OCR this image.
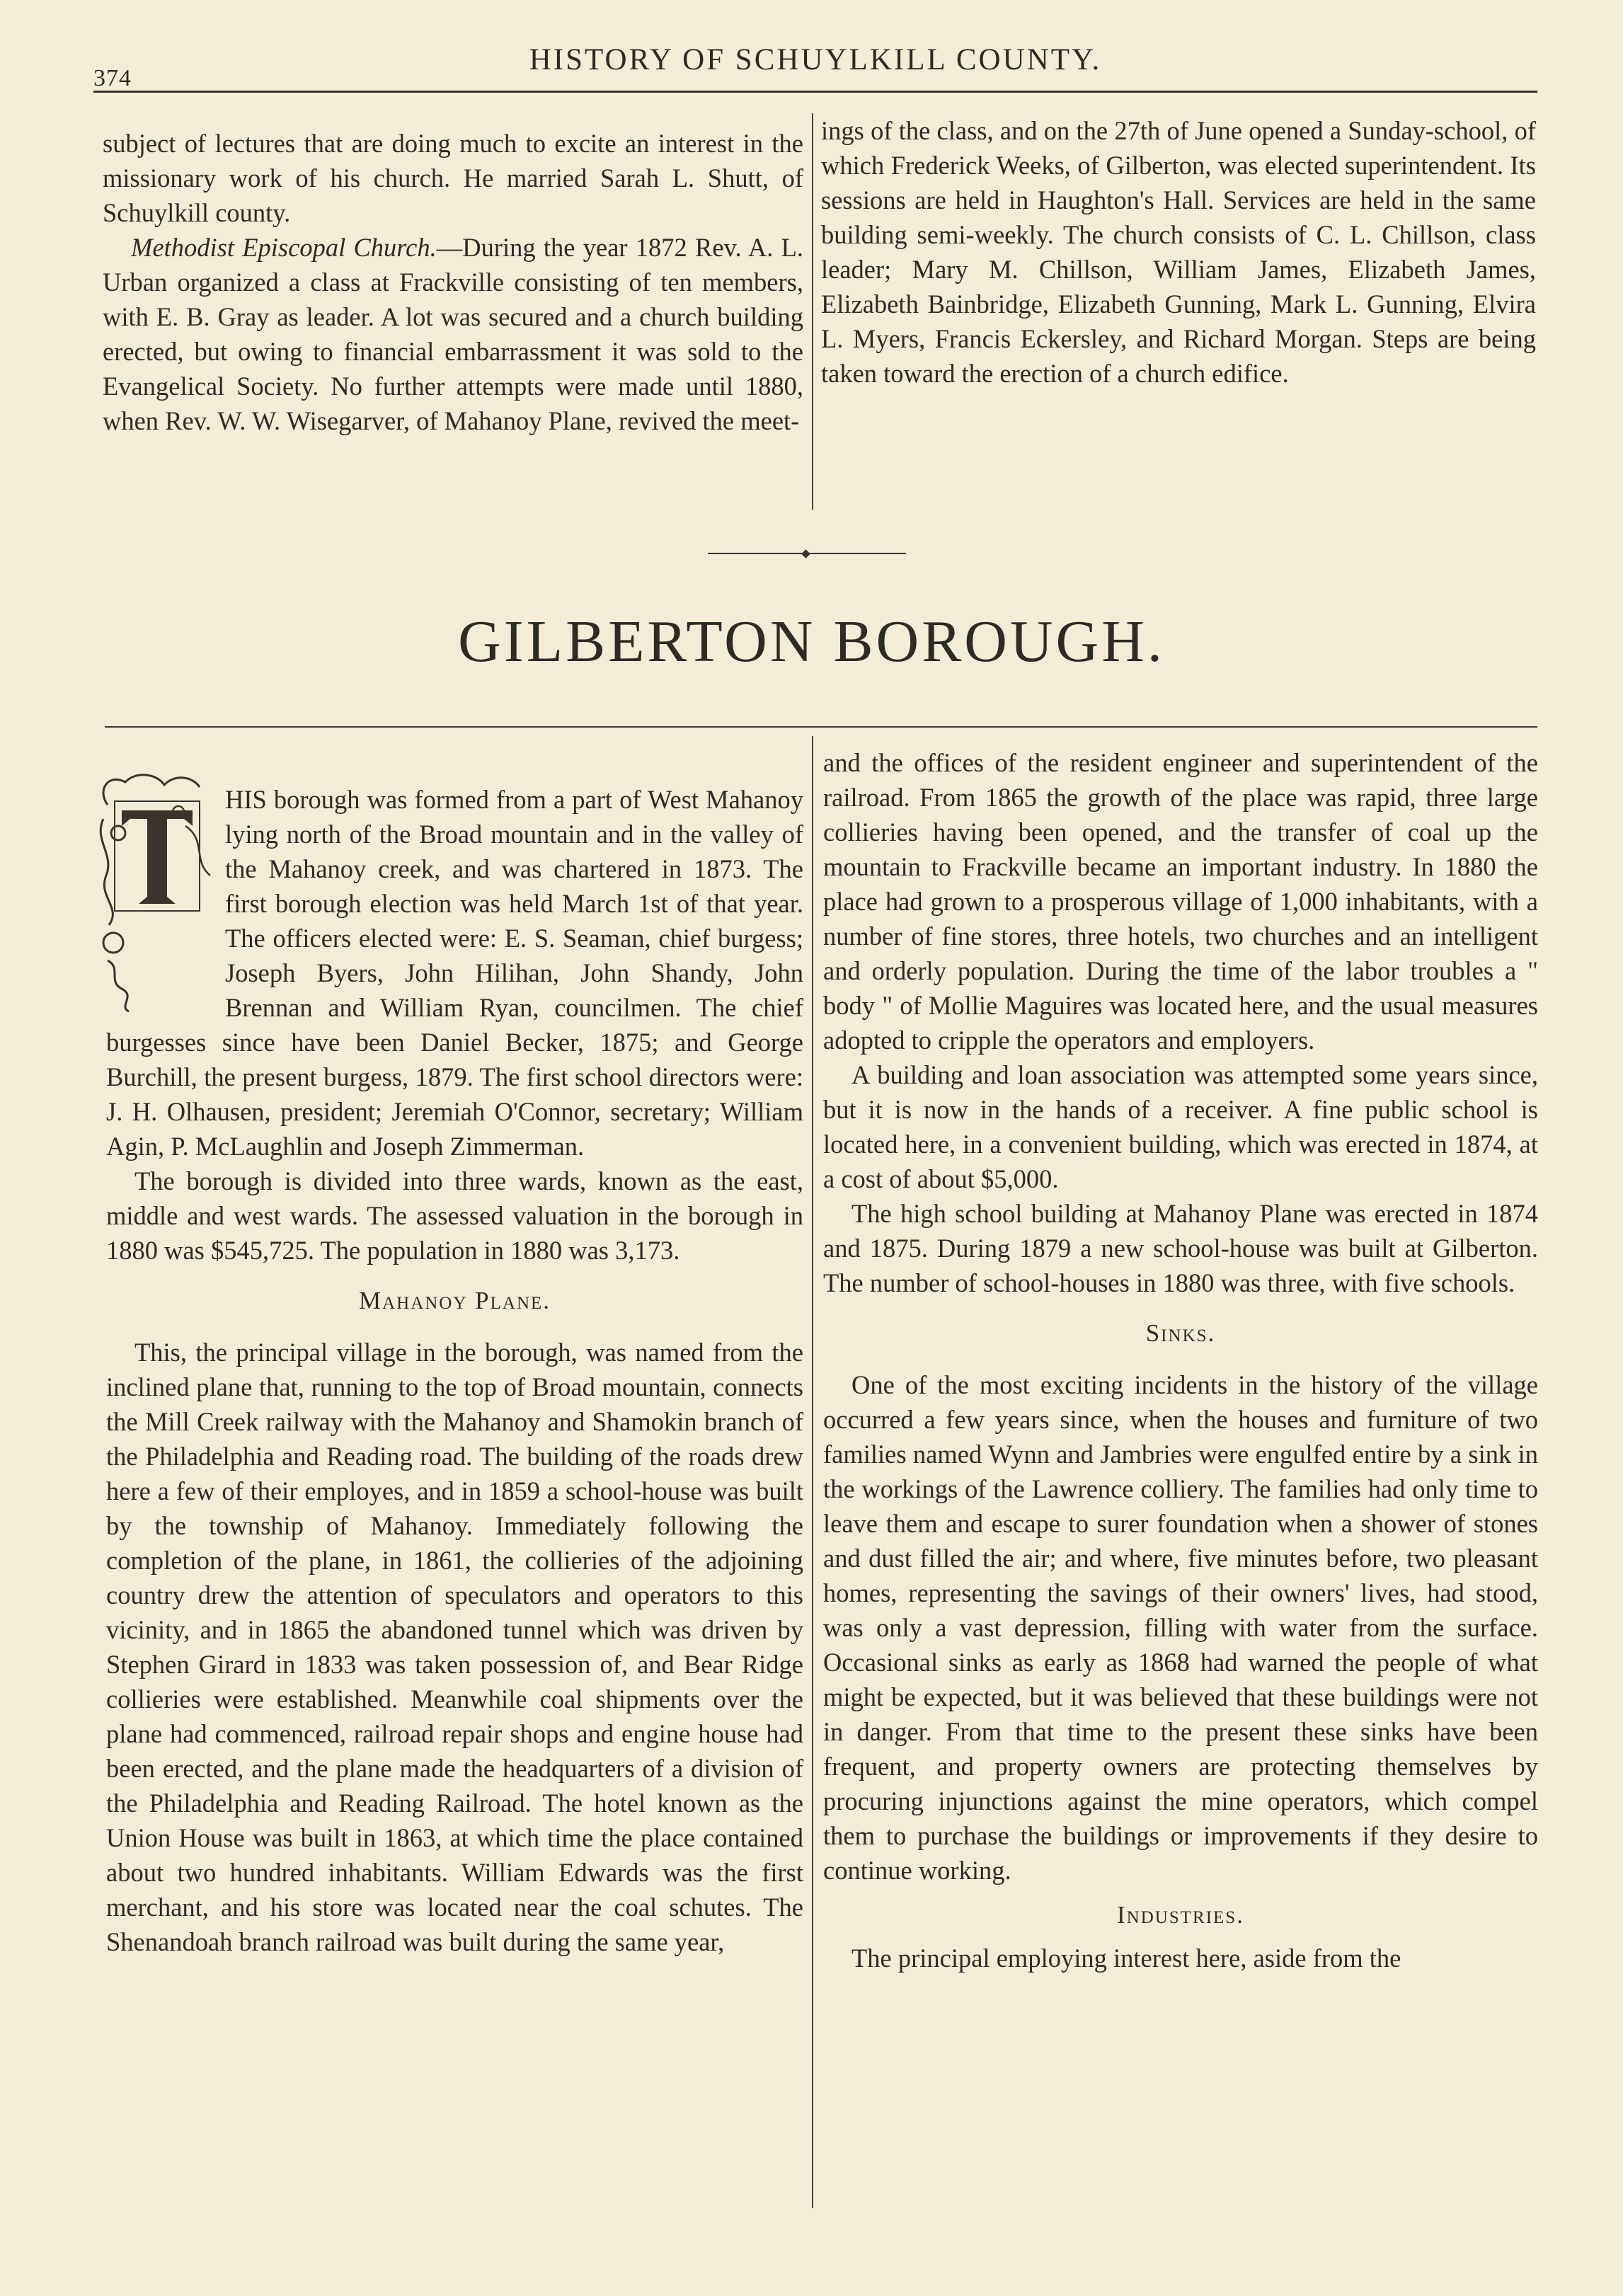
374
HISTORY OF SCHUYLKILL COUNTY.

subject of lectures that are doing much to excite an interest in the missionary work of his church. He married Sarah L. Shutt, of Schuylkill county.

Methodist Episcopal Church.—During the year 1872 Rev. A. L. Urban organized a class at Frackville consisting of ten members, with E. B. Gray as leader. A lot was secured and a church building erected, but owing to financial embarrassment it was sold to the Evangelical Society. No further attempts were made until 1880, when Rev. W. W. Wisegarver, of Mahanoy Plane, revived the meet-

ings of the class, and on the 27th of June opened a Sunday-school, of which Frederick Weeks, of Gilberton, was elected superintendent. Its sessions are held in Haughton's Hall. Services are held in the same building semi-weekly. The church consists of C. L. Chillson, class leader; Mary M. Chillson, William James, Elizabeth James, Elizabeth Bainbridge, Elizabeth Gunning, Mark L. Gunning, Elvira L. Myers, Francis Eckersley, and Richard Morgan. Steps are being taken toward the erection of a church edifice.

GILBERTON BOROUGH.

HIS borough was formed from a part of West Mahanoy lying north of the Broad mountain and in the valley of the Mahanoy creek, and was chartered in 1873. The first borough election was held March 1st of that year. The officers elected were: E. S. Seaman, chief burgess; Joseph Byers, John Hilihan, John Shandy, John Brennan and William Ryan, councilmen. The chief burgesses since have been Daniel Becker, 1875; and George Burchill, the present burgess, 1879. The first school directors were: J. H. Olhausen, president; Jeremiah O'Connor, secretary; William Agin, P. McLaughlin and Joseph Zimmerman.

The borough is divided into three wards, known as the east, middle and west wards. The assessed valuation in the borough in 1880 was $545,725. The population in 1880 was 3,173.

Mahanoy Plane.

This, the principal village in the borough, was named from the inclined plane that, running to the top of Broad mountain, connects the Mill Creek railway with the Mahanoy and Shamokin branch of the Philadelphia and Reading road. The building of the roads drew here a few of their employes, and in 1859 a school-house was built by the township of Mahanoy. Immediately following the completion of the plane, in 1861, the collieries of the adjoining country drew the attention of speculators and operators to this vicinity, and in 1865 the abandoned tunnel which was driven by Stephen Girard in 1833 was taken possession of, and Bear Ridge collieries were established. Meanwhile coal shipments over the plane had commenced, railroad repair shops and engine house had been erected, and the plane made the headquarters of a division of the Philadelphia and Reading Railroad. The hotel known as the Union House was built in 1863, at which time the place contained about two hundred inhabitants. William Edwards was the first merchant, and his store was located near the coal schutes. The Shenandoah branch railroad was built during the same year,

and the offices of the resident engineer and superintendent of the railroad. From 1865 the growth of the place was rapid, three large collieries having been opened, and the transfer of coal up the mountain to Frackville became an important industry. In 1880 the place had grown to a prosperous village of 1,000 inhabitants, with a number of fine stores, three hotels, two churches and an intelligent and orderly population. During the time of the labor troubles a " body " of Mollie Maguires was located here, and the usual measures adopted to cripple the operators and employers.

A building and loan association was attempted some years since, but it is now in the hands of a receiver. A fine public school is located here, in a convenient building, which was erected in 1874, at a cost of about $5,000.

The high school building at Mahanoy Plane was erected in 1874 and 1875. During 1879 a new school-house was built at Gilberton. The number of school-houses in 1880 was three, with five schools.

Sinks.

One of the most exciting incidents in the history of the village occurred a few years since, when the houses and furniture of two families named Wynn and Jambries were engulfed entire by a sink in the workings of the Lawrence colliery. The families had only time to leave them and escape to surer foundation when a shower of stones and dust filled the air; and where, five minutes before, two pleasant homes, representing the savings of their owners' lives, had stood, was only a vast depression, filling with water from the surface. Occasional sinks as early as 1868 had warned the people of what might be expected, but it was believed that these buildings were not in danger. From that time to the present these sinks have been frequent, and property owners are protecting themselves by procuring injunctions against the mine operators, which compel them to purchase the buildings or improvements if they desire to continue working.

Industries.

The principal employing interest here, aside from the
